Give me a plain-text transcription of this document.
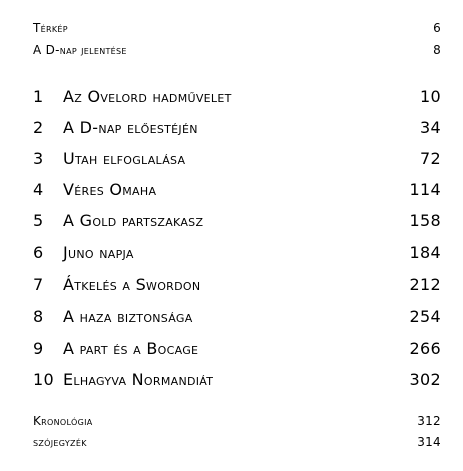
Térkép	6
A D-nap jelentése	8
1 Az Ovelord hadművelet	10
2 A D-nap előestéjén	34
3 Utah elfoglalása	72
4 Véres Omaha	114
5 A Gold partszakasz	158
6 Juno napja	184
7 Átkelés a Swordon	212
8 A haza biztonsága	254
9 A part és a Bocage	266
10 Elhagyva Normandiát	302
Kronológia	312
szójegyzék	314
